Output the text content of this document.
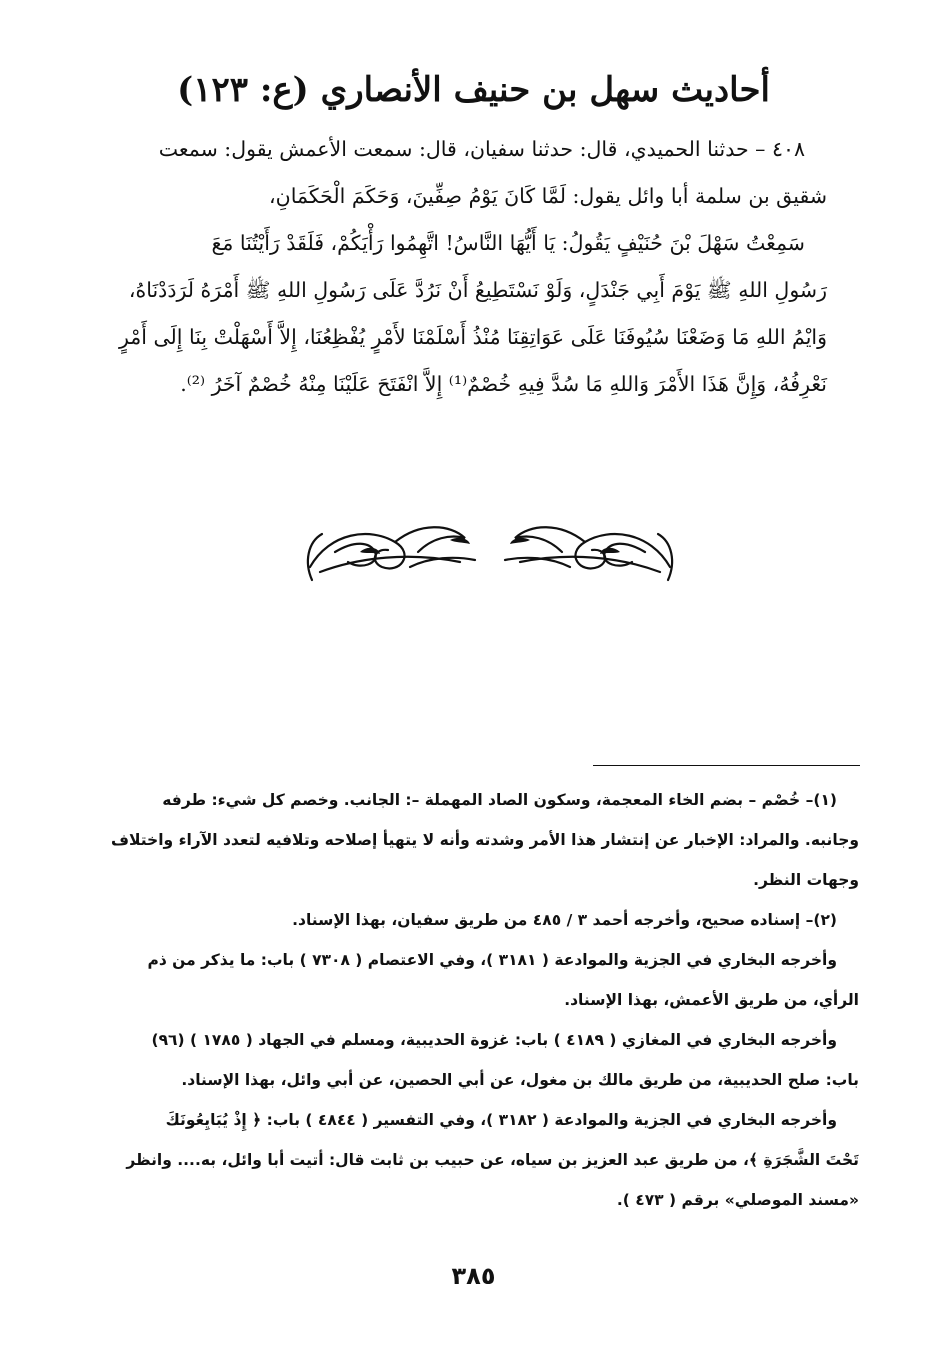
أحاديث سهل بن حنيف الأنصاري (ع: ١٢٣)

٤٠٨ – حدثنا الحميدي، قال: حدثنا سفيان، قال: سمعت الأعمش يقول: سمعت
شقيق بن سلمة أبا وائل يقول: لَمَّا كَانَ يَوْمُ صِفِّينَ، وَحَكَمَ الْحَكَمَانِ،
سَمِعْتُ سَهْلَ بْنَ حُنَيْفٍ يَقُولُ: يَا أَيُّهَا النَّاسُ! اتَّهِمُوا رَأْيَكُمْ، فَلَقَدْ رَأَيْتُنَا مَعَ
رَسُولِ اللهِ ﷺ يَوْمَ أَبِي جَنْدَلٍ، وَلَوْ نَسْتَطِيعُ أَنْ نَرُدَّ عَلَى رَسُولِ اللهِ ﷺ أَمْرَهُ لَرَدَدْنَاهُ،
وَايْمُ اللهِ مَا وَضَعْنَا سُيُوفَنَا عَلَى عَوَاتِقِنَا مُنْذُ أَسْلَمْنَا لأَمْرٍ يُفْظِعُنَا، إِلاَّ أَسْهَلْتْ بِنَا إِلَى أَمْرٍ
نَعْرِفُهُ، وَإِنَّ هَذَا الأَمْرَ وَاللهِ مَا سُدَّ فِيهِ خُصْمٌ⁽¹⁾ إِلاَّ انْفَتَحَ عَلَيْنَا مِنْهُ خُصْمٌ آخَرُ ⁽²⁾.

(١)– خُصْم – بضم الخاء المعجمة، وسكون الصاد المهملة –: الجانب. وخصم كل شيء: طرفه
وجانبه. والمراد: الإخبار عن إنتشار هذا الأمر وشدته وأنه لا يتهيأ إصلاحه وتلافيه لتعدد الآراء واختلاف
وجهات النظر.

(٢)– إسناده صحيح، وأخرجه أحمد ٣ / ٤٨٥ من طريق سفيان، بهذا الإسناد.

وأخرجه البخاري في الجزية والموادعة ( ٣١٨١ )، وفي الاعتصام ( ٧٣٠٨ ) باب: ما يذكر من ذم
الرأي، من طريق الأعمش، بهذا الإسناد.

وأخرجه البخاري في المغازي ( ٤١٨٩ ) باب: غزوة الحديبية، ومسلم في الجهاد ( ١٧٨٥ ) (٩٦)
باب: صلح الحديبية، من طريق مالك بن مغول، عن أبي الحصين، عن أبي وائل، بهذا الإسناد.

وأخرجه البخاري في الجزية والموادعة ( ٣١٨٢ )، وفي التفسير ( ٤٨٤٤ ) باب: ﴿ إِذْ يُبَايِعُونَكَ
تَحْتَ الشَّجَرَةِ ﴾، من طريق عبد العزيز بن سياه، عن حبيب بن ثابت قال: أتيت أبا وائل، به.... وانظر
«مسند الموصلي» برقم ( ٤٧٣ ).

٣٨٥
